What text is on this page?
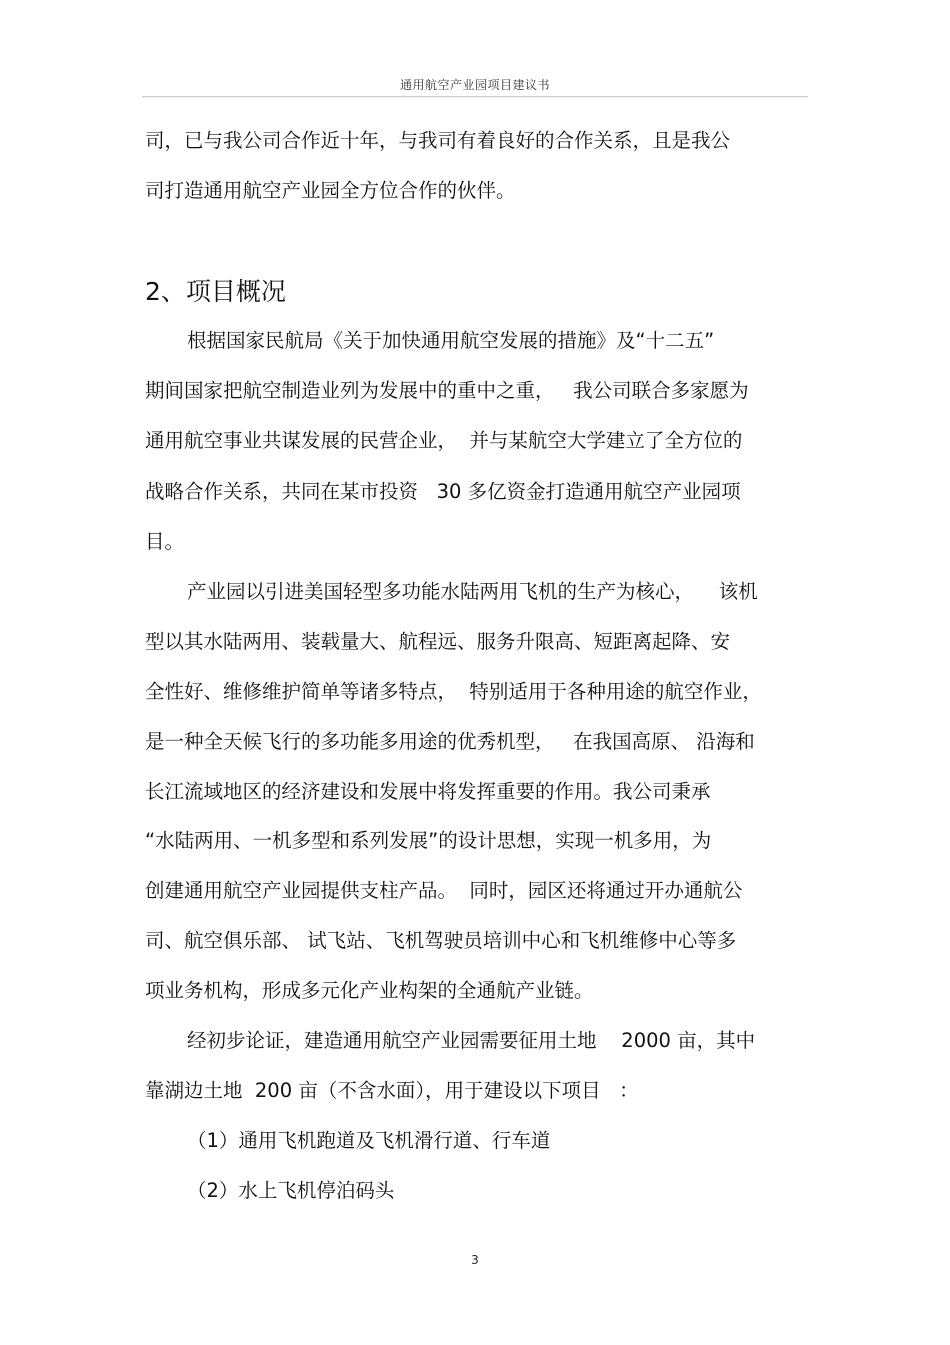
通用航空产业园项目建议书
司，已与我公司合作近十年，与我司有着良好的合作关系，且是我公
司打造通用航空产业园全方位合作的伙伴。
2、项目概况
根据国家民航局《关于加快通用航空发展的措施》及“十二五”
期间国家把航空制造业列为发展中的重中之重，   我公司联合多家愿为
通用航空事业共谋发展的民营企业，  并与某航空大学建立了全方位的
战略合作关系，共同在某市投资   30 多亿资金打造通用航空产业园项
目。
产业园以引进美国轻型多功能水陆两用飞机的生产为核心，    该机
型以其水陆两用、装载量大、航程远、服务升限高、短距离起降、安
全性好、维修维护简单等诸多特点，  特别适用于各种用途的航空作业，
是一种全天候飞行的多功能多用途的优秀机型，   在我国高原、 沿海和
长江流域地区的经济建设和发展中将发挥重要的作用。我公司秉承
“水陆两用、一机多型和系列发展”的设计思想，实现一机多用，为
创建通用航空产业园提供支柱产品。  同时，园区还将通过开办通航公
司、航空俱乐部、 试飞站、飞机驾驶员培训中心和飞机维修中心等多
项业务机构，形成多元化产业构架的全通航产业链。
经初步论证，建造通用航空产业园需要征用土地    2000 亩，其中
靠湖边土地  200 亩（不含水面），用于建设以下项目   ：
（1）通用飞机跑道及飞机滑行道、行车道
（2）水上飞机停泊码头
3
